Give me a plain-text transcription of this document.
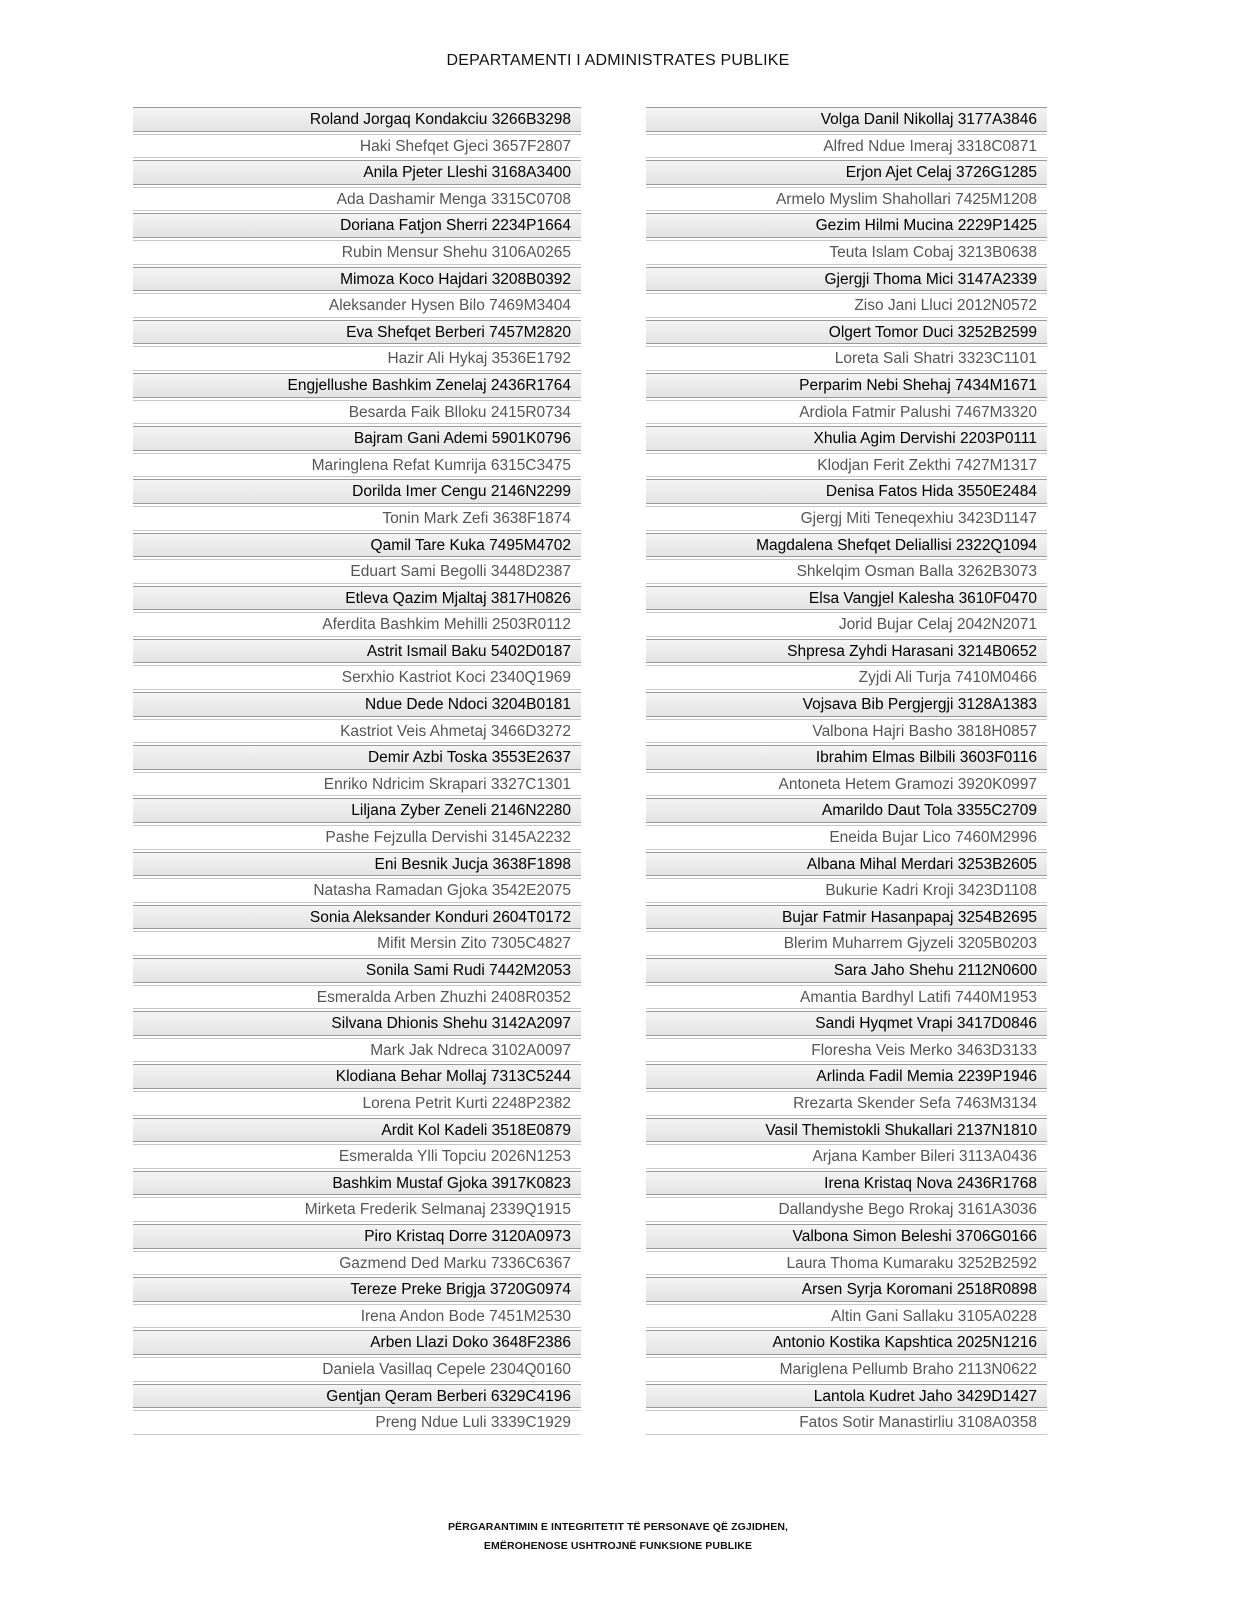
DEPARTAMENTI I ADMINISTRATES PUBLIKE
Roland Jorgaq Kondakciu 3266B3298
Haki Shefqet Gjeci 3657F2807
Anila Pjeter Lleshi 3168A3400
Ada Dashamir Menga 3315C0708
Doriana Fatjon Sherri 2234P1664
Rubin Mensur Shehu 3106A0265
Mimoza Koco Hajdari 3208B0392
Aleksander Hysen Bilo 7469M3404
Eva Shefqet Berberi 7457M2820
Hazir Ali Hykaj 3536E1792
Engjellushe Bashkim Zenelaj 2436R1764
Besarda Faik Blloku 2415R0734
Bajram Gani Ademi 5901K0796
Maringlena Refat Kumrija 6315C3475
Dorilda Imer Cengu 2146N2299
Tonin Mark Zefi 3638F1874
Qamil Tare Kuka 7495M4702
Eduart Sami Begolli 3448D2387
Etleva Qazim Mjaltaj 3817H0826
Aferdita Bashkim Mehilli 2503R0112
Astrit Ismail Baku 5402D0187
Serxhio Kastriot Koci 2340Q1969
Ndue Dede Ndoci 3204B0181
Kastriot Veis Ahmetaj 3466D3272
Demir Azbi Toska 3553E2637
Enriko Ndricim Skrapari 3327C1301
Liljana Zyber Zeneli 2146N2280
Pashe Fejzulla Dervishi 3145A2232
Eni Besnik Jucja 3638F1898
Natasha Ramadan Gjoka 3542E2075
Sonia Aleksander Konduri 2604T0172
Mifit Mersin Zito 7305C4827
Sonila Sami Rudi 7442M2053
Esmeralda Arben Zhuzhi 2408R0352
Silvana Dhionis Shehu 3142A2097
Mark Jak Ndreca 3102A0097
Klodiana Behar Mollaj 7313C5244
Lorena Petrit Kurti 2248P2382
Ardit Kol Kadeli 3518E0879
Esmeralda Ylli Topciu 2026N1253
Bashkim Mustaf Gjoka 3917K0823
Mirketa Frederik Selmanaj 2339Q1915
Piro Kristaq Dorre 3120A0973
Gazmend Ded Marku 7336C6367
Tereze Preke Brigja 3720G0974
Irena Andon Bode 7451M2530
Arben Llazi Doko 3648F2386
Daniela Vasillaq Cepele 2304Q0160
Gentjan Qeram Berberi 6329C4196
Preng Ndue Luli 3339C1929
Volga Danil Nikollaj 3177A3846
Alfred Ndue Imeraj 3318C0871
Erjon Ajet Celaj 3726G1285
Armelo Myslim Shahollari 7425M1208
Gezim Hilmi Mucina 2229P1425
Teuta Islam Cobaj 3213B0638
Gjergji Thoma Mici 3147A2339
Ziso Jani Lluci 2012N0572
Olgert Tomor Duci 3252B2599
Loreta Sali Shatri 3323C1101
Perparim Nebi Shehaj 7434M1671
Ardiola Fatmir Palushi 7467M3320
Xhulia Agim Dervishi 2203P0111
Klodjan Ferit Zekthi 7427M1317
Denisa Fatos Hida 3550E2484
Gjergj Miti Teneqexhiu 3423D1147
Magdalena Shefqet Deliallisi 2322Q1094
Shkelqim Osman Balla 3262B3073
Elsa Vangjel Kalesha 3610F0470
Jorid Bujar Celaj 2042N2071
Shpresa Zyhdi Harasani 3214B0652
Zyjdi Ali Turja 7410M0466
Vojsava Bib Pergjergji 3128A1383
Valbona Hajri Basho 3818H0857
Ibrahim Elmas Bilbili 3603F0116
Antoneta Hetem Gramozi 3920K0997
Amarildo Daut Tola 3355C2709
Eneida Bujar Lico 7460M2996
Albana Mihal Merdari 3253B2605
Bukurie Kadri Kroji 3423D1108
Bujar Fatmir Hasanpapaj 3254B2695
Blerim Muharrem Gjyzeli 3205B0203
Sara Jaho Shehu 2112N0600
Amantia Bardhyl Latifi 7440M1953
Sandi Hyqmet Vrapi 3417D0846
Floresha Veis Merko 3463D3133
Arlinda Fadil Memia 2239P1946
Rrezarta Skender Sefa 7463M3134
Vasil Themistokli Shukallari 2137N1810
Arjana Kamber Bileri 3113A0436
Irena Kristaq Nova 2436R1768
Dallandyshe Bego Rrokaj 3161A3036
Valbona Simon Beleshi 3706G0166
Laura Thoma Kumaraku 3252B2592
Arsen Syrja Koromani 2518R0898
Altin Gani Sallaku 3105A0228
Antonio Kostika Kapshtica 2025N1216
Mariglena Pellumb Braho 2113N0622
Lantola Kudret Jaho 3429D1427
Fatos Sotir Manastirliu 3108A0358
PËRGARANTIMIN E INTEGRITETIT TË PERSONAVE QË ZGJIDHEN,
EMËROHENOSE USHTROJNË FUNKSIONE PUBLIKE
